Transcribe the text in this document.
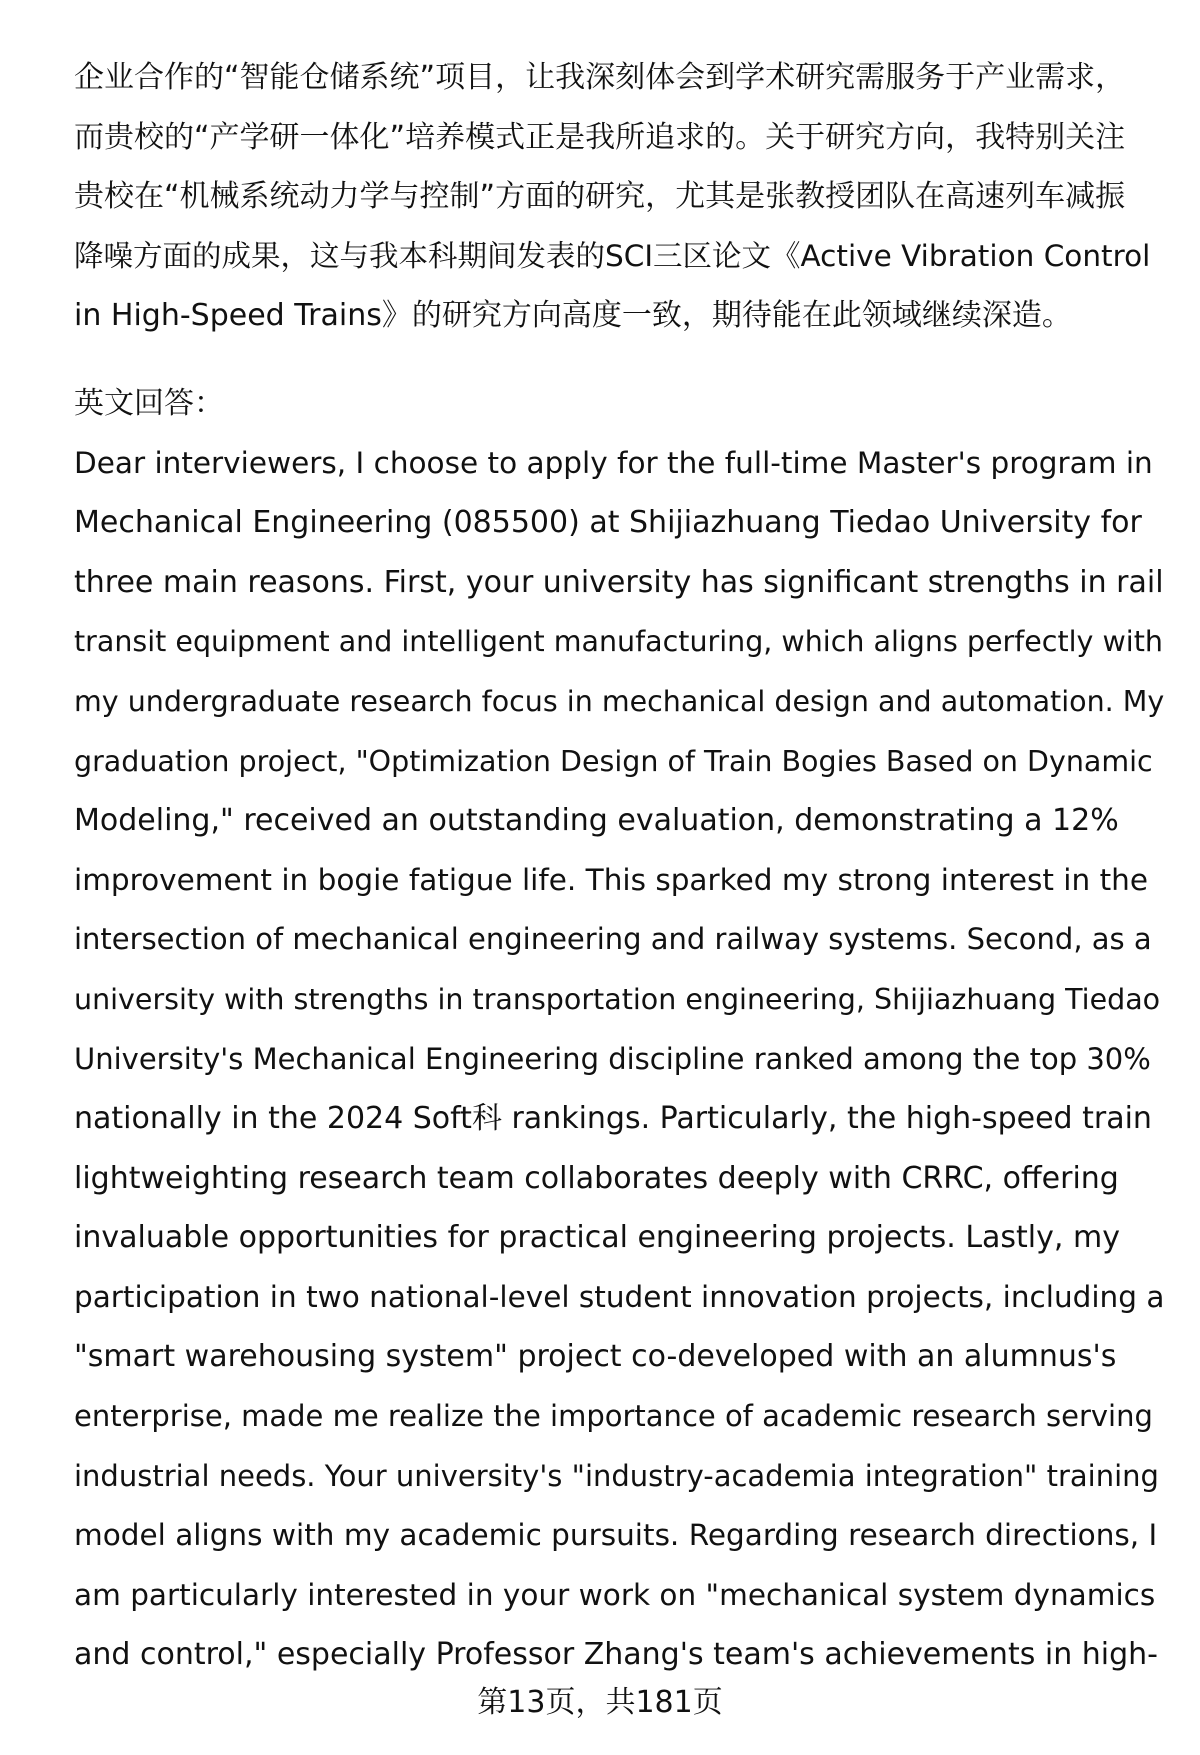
企业合作的“智能仓储系统”项目，让我深刻体会到学术研究需服务于产业需求，
而贵校的“产学研一体化”培养模式正是我所追求的。关于研究方向，我特别关注
贵校在“机械系统动力学与控制”方面的研究，尤其是张教授团队在高速列车减振
降噪方面的成果，这与我本科期间发表的SCI三区论文《Active Vibration Control
in High-Speed Trains》的研究方向高度一致，期待能在此领域继续深造。

英文回答：

Dear interviewers, I choose to apply for the full-time Master's program in
Mechanical Engineering (085500) at Shijiazhuang Tiedao University for
three main reasons. First, your university has significant strengths in rail
transit equipment and intelligent manufacturing, which aligns perfectly with
my undergraduate research focus in mechanical design and automation. My
graduation project, "Optimization Design of Train Bogies Based on Dynamic
Modeling," received an outstanding evaluation, demonstrating a 12%
improvement in bogie fatigue life. This sparked my strong interest in the
intersection of mechanical engineering and railway systems. Second, as a
university with strengths in transportation engineering, Shijiazhuang Tiedao
University's Mechanical Engineering discipline ranked among the top 30%
nationally in the 2024 Soft科 rankings. Particularly, the high-speed train
lightweighting research team collaborates deeply with CRRC, offering
invaluable opportunities for practical engineering projects. Lastly, my
participation in two national-level student innovation projects, including a
"smart warehousing system" project co-developed with an alumnus's
enterprise, made me realize the importance of academic research serving
industrial needs. Your university's "industry-academia integration" training
model aligns with my academic pursuits. Regarding research directions, I
am particularly interested in your work on "mechanical system dynamics
and control," especially Professor Zhang's team's achievements in high-

第13页，共181页
